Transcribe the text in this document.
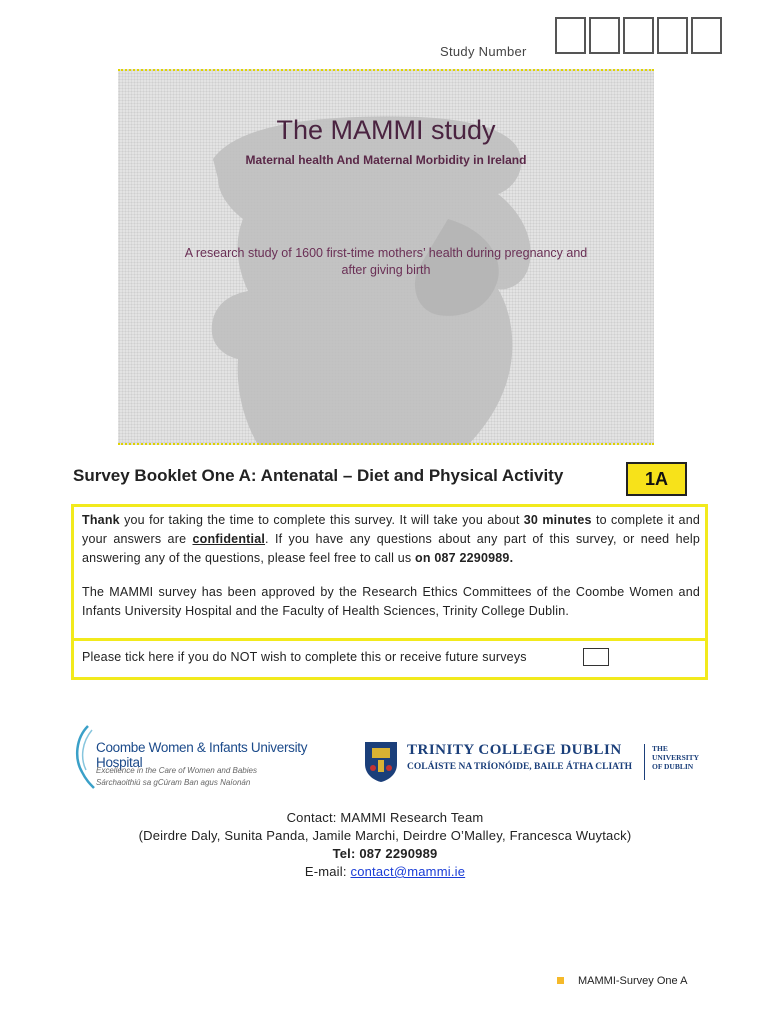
Study Number
The MAMMI study
Maternal health And Maternal Morbidity in Ireland
A research study of 1600 first-time mothers’ health during pregnancy and
after giving birth
Survey Booklet One A: Antenatal – Diet and Physical Activity	1A
Thank you for taking the time to complete this survey. It will take you about 30 minutes to complete it and your answers are confidential. If you have any questions about any part of this survey, or need help answering any of the questions, please feel free to call us on 087 2290989.
The MAMMI survey has been approved by the Research Ethics Committees of the Coombe Women and Infants University Hospital and the Faculty of Health Sciences, Trinity College Dublin.
Please tick here if you do NOT wish to complete this or receive future surveys
Coombe Women & Infants University Hospital
Excellence in the Care of Women and Babies
Sárchaoithiú sa gCúram Ban agus Naíonán
TRINITY COLLEGE DUBLIN
COLÁISTE NA TRÍONÓIDE, BAILE ÁTHA CLIATH
THE
UNIVERSITY
OF DUBLIN
Contact: MAMMI Research Team
(Deirdre Daly, Sunita Panda, Jamile Marchi, Deirdre O’Malley, Francesca Wuytack)
Tel: 087 2290989
E-mail: contact@mammi.ie
MAMMI-Survey One A
